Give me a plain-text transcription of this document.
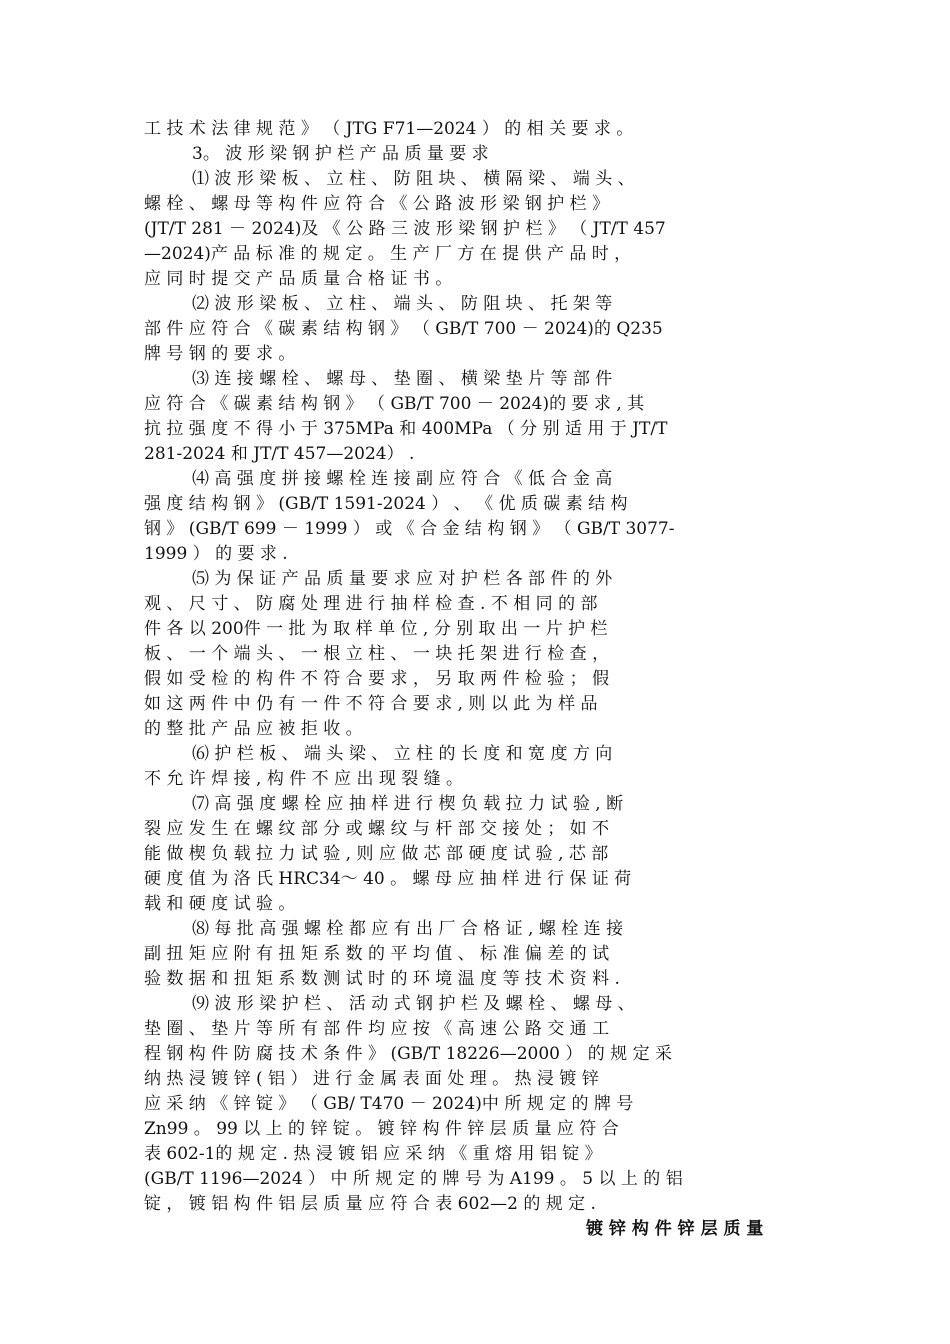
工 技 术 法 律 规 范 》 （ JTG F71—2024 ） 的 相 关 要 求 。
3。 波 形 梁 钢 护 栏 产 品 质 量 要 求
⑴ 波 形 梁 板 、 立 柱 、 防 阻 块 、 横 隔 梁 、 端 头 、
螺 栓 、 螺 母 等 构 件 应 符 合 《 公 路 波 形 梁 钢 护 栏 》
(JT/T 281 － 2024)及 《 公 路 三 波 形 梁 钢 护 栏 》 （ JT/T 457
—2024)产 品 标 准 的 规 定 。 生 产 厂 方 在 提 供 产 品 时 ，
应 同 时 提 交 产 品 质 量 合 格 证 书 。
⑵ 波 形 梁 板 、 立 柱 、 端 头 、 防 阻 块 、 托 架 等
部 件 应 符 合 《 碳 素 结 构 钢 》 （ GB/T 700 － 2024)的 Q235
牌 号 钢 的 要 求 。
⑶ 连 接 螺 栓 、 螺 母 、 垫 圈 、 横 梁 垫 片 等 部 件
应 符 合 《 碳 素 结 构 钢 》 （ GB/T 700 － 2024)的 要 求 , 其
抗 拉 强 度 不 得 小 于 375MPa 和 400MPa （ 分 别 适 用 于 JT/T
281-2024 和 JT/T 457—2024） .
⑷ 高 强 度 拼 接 螺 栓 连 接 副 应 符 合 《 低 合 金 高
强 度 结 构 钢 》 (GB/T 1591-2024 ） 、 《 优 质 碳 素 结 构
钢 》 (GB/T 699 － 1999 ） 或 《 合 金 结 构 钢 》 （ GB/T 3077-
1999 ） 的 要 求 .
⑸ 为 保 证 产 品 质 量 要 求 应 对 护 栏 各 部 件 的 外
观 、 尺 寸 、 防 腐 处 理 进 行 抽 样 检 查 . 不 相 同 的 部
件 各 以 200件 一 批 为 取 样 单 位 , 分 别 取 出 一 片 护 栏
板 、 一 个 端 头 、 一 根 立 柱 、 一 块 托 架 进 行 检 查 ，
假 如 受 检 的 构 件 不 符 合 要 求 ， 另 取 两 件 检 验 ； 假
如 这 两 件 中 仍 有 一 件 不 符 合 要 求 , 则 以 此 为 样 品
的 整 批 产 品 应 被 拒 收 。
⑹ 护 栏 板 、 端 头 梁 、 立 柱 的 长 度 和 宽 度 方 向
不 允 许 焊 接 , 构 件 不 应 出 现 裂 缝 。
⑺ 高 强 度 螺 栓 应 抽 样 进 行 楔 负 载 拉 力 试 验 , 断
裂 应 发 生 在 螺 纹 部 分 或 螺 纹 与 杆 部 交 接 处 ； 如 不
能 做 楔 负 载 拉 力 试 验 , 则 应 做 芯 部 硬 度 试 验 , 芯 部
硬 度 值 为 洛 氏 HRC34～ 40 。 螺 母 应 抽 样 进 行 保 证 荷
载 和 硬 度 试 验 。
⑻ 每 批 高 强 螺 栓 都 应 有 出 厂 合 格 证 , 螺 栓 连 接
副 扭 矩 应 附 有 扭 矩 系 数 的 平 均 值 、 标 准 偏 差 的 试
验 数 据 和 扭 矩 系 数 测 试 时 的 环 境 温 度 等 技 术 资 料 .
⑼ 波 形 梁 护 栏 、 活 动 式 钢 护 栏 及 螺 栓 、 螺 母 、
垫 圈 、 垫 片 等 所 有 部 件 均 应 按 《 高 速 公 路 交 通 工
程 钢 构 件 防 腐 技 术 条 件 》 (GB/T 18226—2000 ） 的 规 定 采
纳 热 浸 镀 锌 ( 铝 ） 进 行 金 属 表 面 处 理 。 热 浸 镀 锌
应 采 纳 《 锌 锭 》 （ GB/ T470 － 2024)中 所 规 定 的 牌 号
Zn99 。 99 以 上 的 锌 锭 。 镀 锌 构 件 锌 层 质 量 应 符 合
表 602-1的 规 定 . 热 浸 镀 铝 应 采 纳 《 重 熔 用 铝 锭 》
(GB/T 1196—2024 ） 中 所 规 定 的 牌 号 为 A199 。 5 以 上 的 铝
锭 ， 镀 铝 构 件 铝 层 质 量 应 符 合 表 602—2 的 规 定 .
镀 锌 构 件 锌 层 质 量
